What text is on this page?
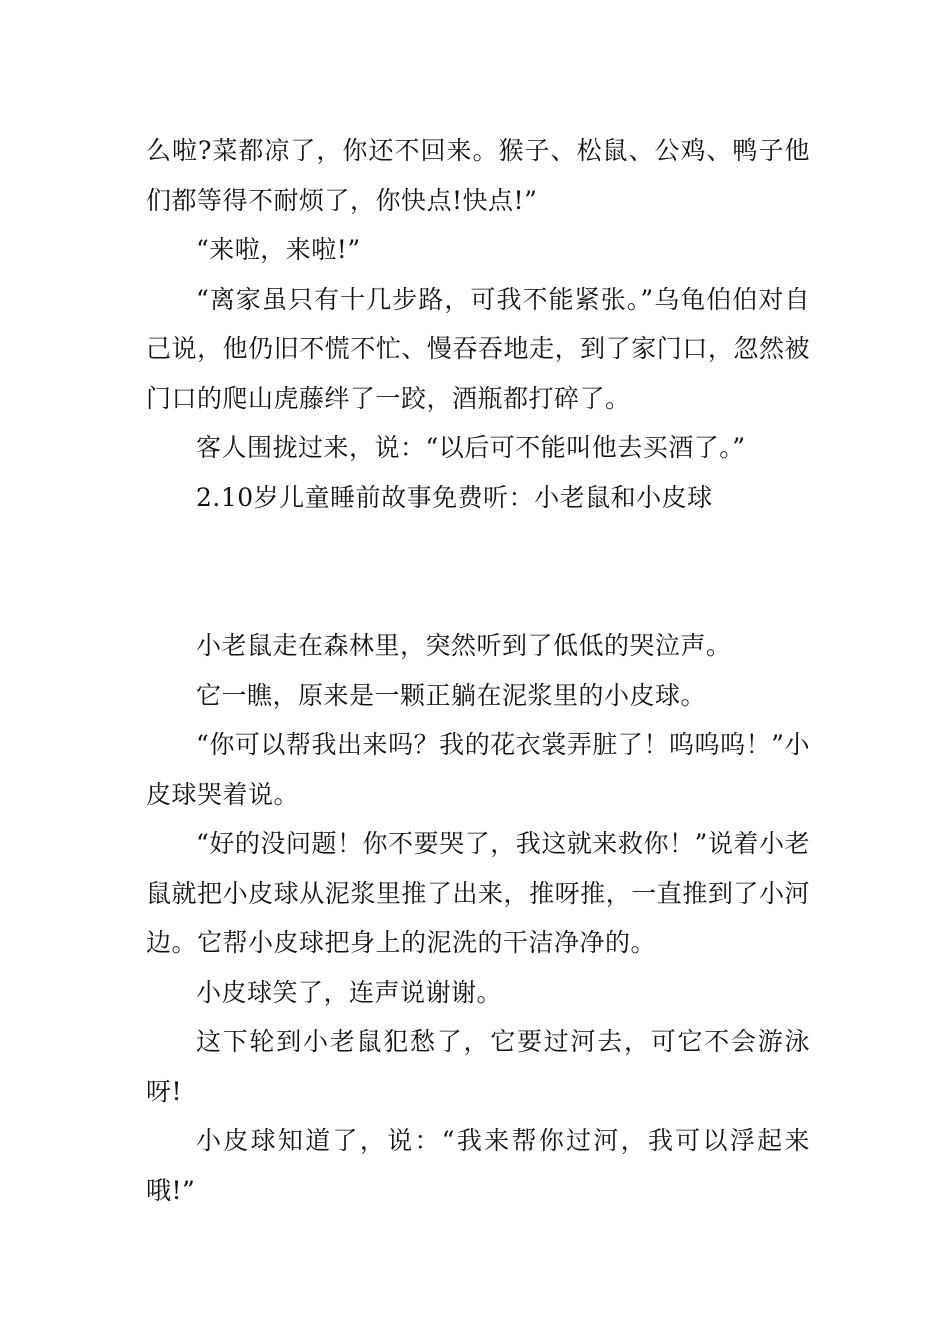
么啦?菜都凉了，你还不回来。猴子、松鼠、公鸡、鸭子他们都等得不耐烦了，你快点!快点!”

“来啦，来啦!”

“离家虽只有十几步路，可我不能紧张。”乌龟伯伯对自己说，他仍旧不慌不忙、慢吞吞地走，到了家门口，忽然被门口的爬山虎藤绊了一跤，酒瓶都打碎了。

客人围拢过来，说：“以后可不能叫他去买酒了。”

2.10岁儿童睡前故事免费听：小老鼠和小皮球

小老鼠走在森林里，突然听到了低低的哭泣声。

它一瞧，原来是一颗正躺在泥浆里的小皮球。

“你可以帮我出来吗？我的花衣裳弄脏了！呜呜呜！”小皮球哭着说。

“好的没问题！你不要哭了，我这就来救你！”说着小老鼠就把小皮球从泥浆里推了出来，推呀推，一直推到了小河边。它帮小皮球把身上的泥洗的干洁净净的。

小皮球笑了，连声说谢谢。

这下轮到小老鼠犯愁了，它要过河去，可它不会游泳呀!

小皮球知道了，说：“我来帮你过河，我可以浮起来哦!”
